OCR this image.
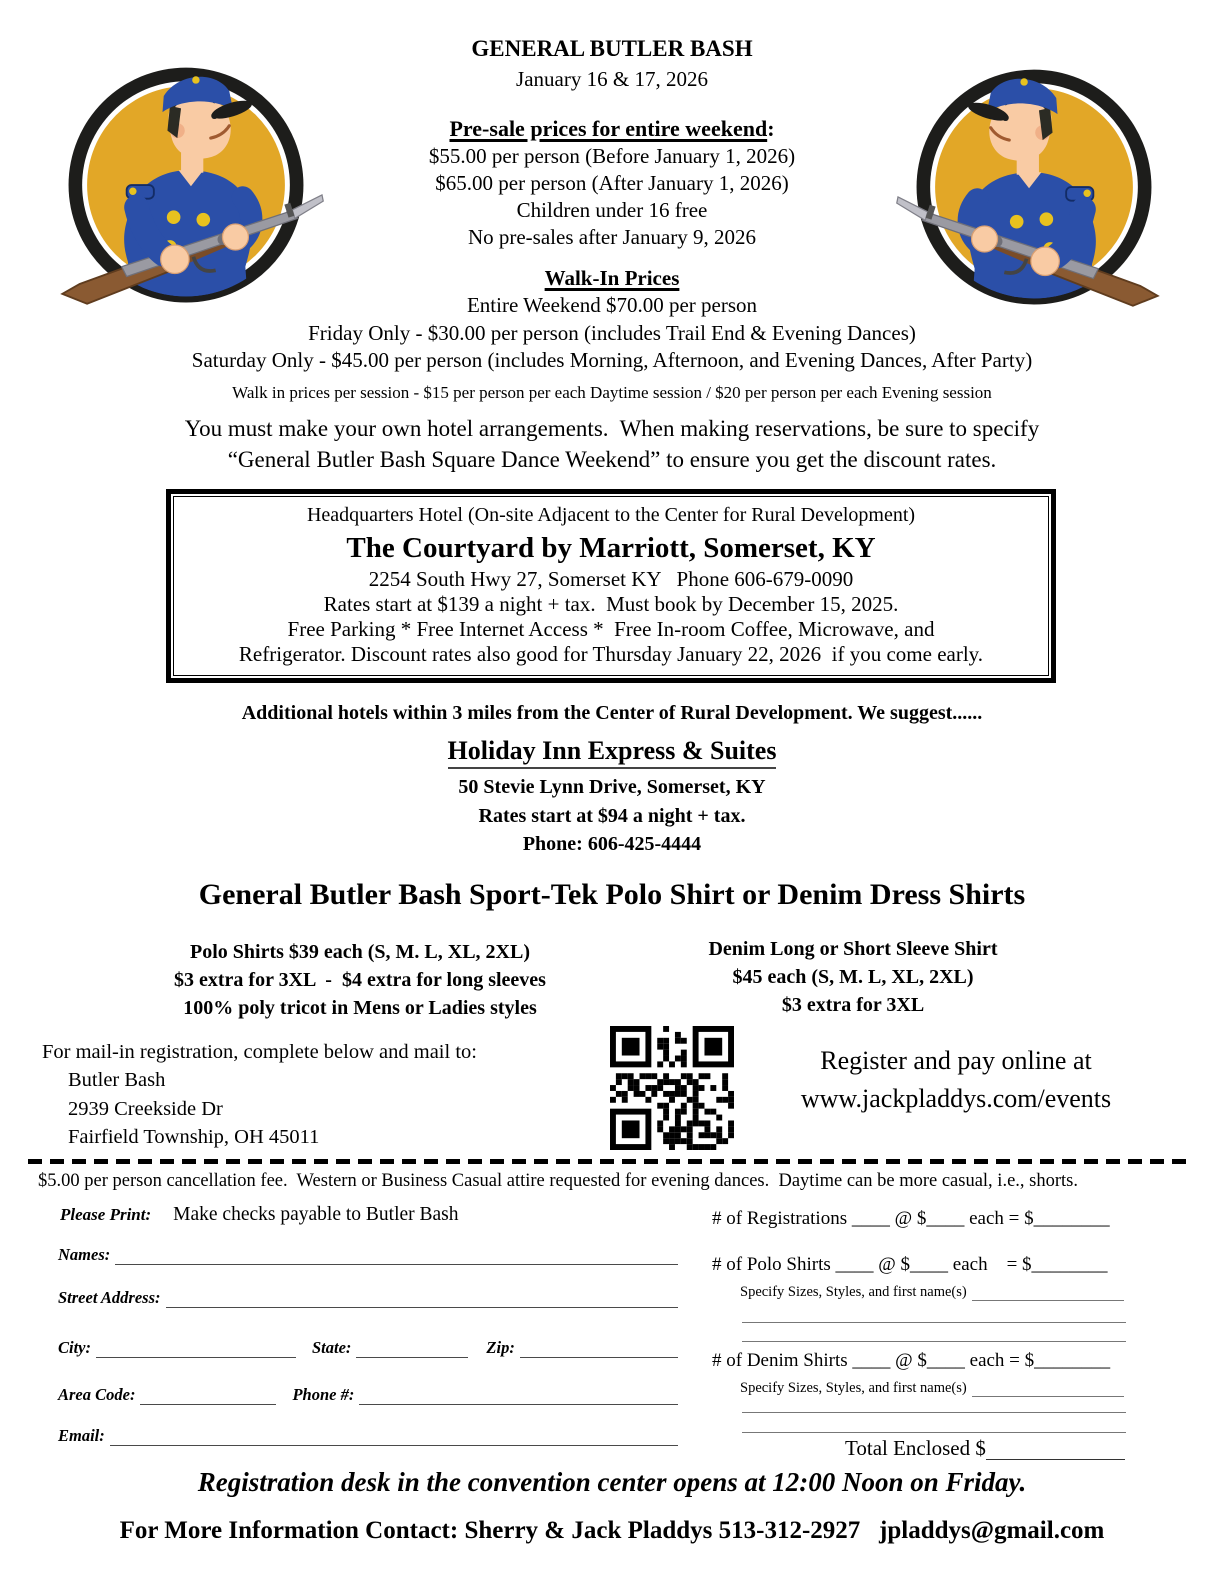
GENERAL BUTLER BASH
January 16 & 17, 2026
Pre-sale prices for entire weekend:
$55.00 per person (Before January 1, 2026)
$65.00 per person (After January 1, 2026)
Children under 16 free
No pre-sales after January 9, 2026
Walk-In Prices
Entire Weekend $70.00 per person
Friday Only - $30.00 per person (includes Trail End & Evening Dances)
Saturday Only - $45.00 per person (includes Morning, Afternoon, and Evening Dances, After Party)
Walk in prices per session - $15 per person per each Daytime session / $20 per person per each Evening session
You must make your own hotel arrangements.  When making reservations, be sure to specify
“General Butler Bash Square Dance Weekend” to ensure you get the discount rates.
Headquarters Hotel (On-site Adjacent to the Center for Rural Development)
The Courtyard by Marriott, Somerset, KY
2254 South Hwy 27, Somerset KY   Phone 606-679-0090
Rates start at $139 a night + tax.  Must book by December 15, 2025.
Free Parking * Free Internet Access *  Free In-room Coffee, Microwave, and
Refrigerator. Discount rates also good for Thursday January 22, 2026  if you come early.
Additional hotels within 3 miles from the Center of Rural Development. We suggest......
Holiday Inn Express & Suites
50 Stevie Lynn Drive, Somerset, KY
Rates start at $94 a night + tax.
Phone: 606-425-4444
General Butler Bash Sport-Tek Polo Shirt or Denim Dress Shirts
Polo Shirts $39 each (S, M. L, XL, 2XL)
$3 extra for 3XL  -  $4 extra for long sleeves
100% poly tricot in Mens or Ladies styles
Denim Long or Short Sleeve Shirt
$45 each (S, M. L, XL, 2XL)
$3 extra for 3XL
For mail-in registration, complete below and mail to:
Butler Bash
2939 Creekside Dr
Fairfield Township, OH 45011
Register and pay online at
www.jackpladdys.com/events
$5.00 per person cancellation fee.  Western or Business Casual attire requested for evening dances.  Daytime can be more casual, i.e., shorts.
Please Print: Make checks payable to Butler Bash	# of Registrations ____ @ $____ each = $________
Names:
Street Address:
City:	State:	Zip:
Area Code:	Phone #:
Email:
# of Polo Shirts ____ @ $____ each    = $________
Specify Sizes, Styles, and first name(s)
# of Denim Shirts ____ @ $____ each = $________
Specify Sizes, Styles, and first name(s)
Total Enclosed $
Registration desk in the convention center opens at 12:00 Noon on Friday.
For More Information Contact: Sherry & Jack Pladdys 513-312-2927   jpladdys@gmail.com
